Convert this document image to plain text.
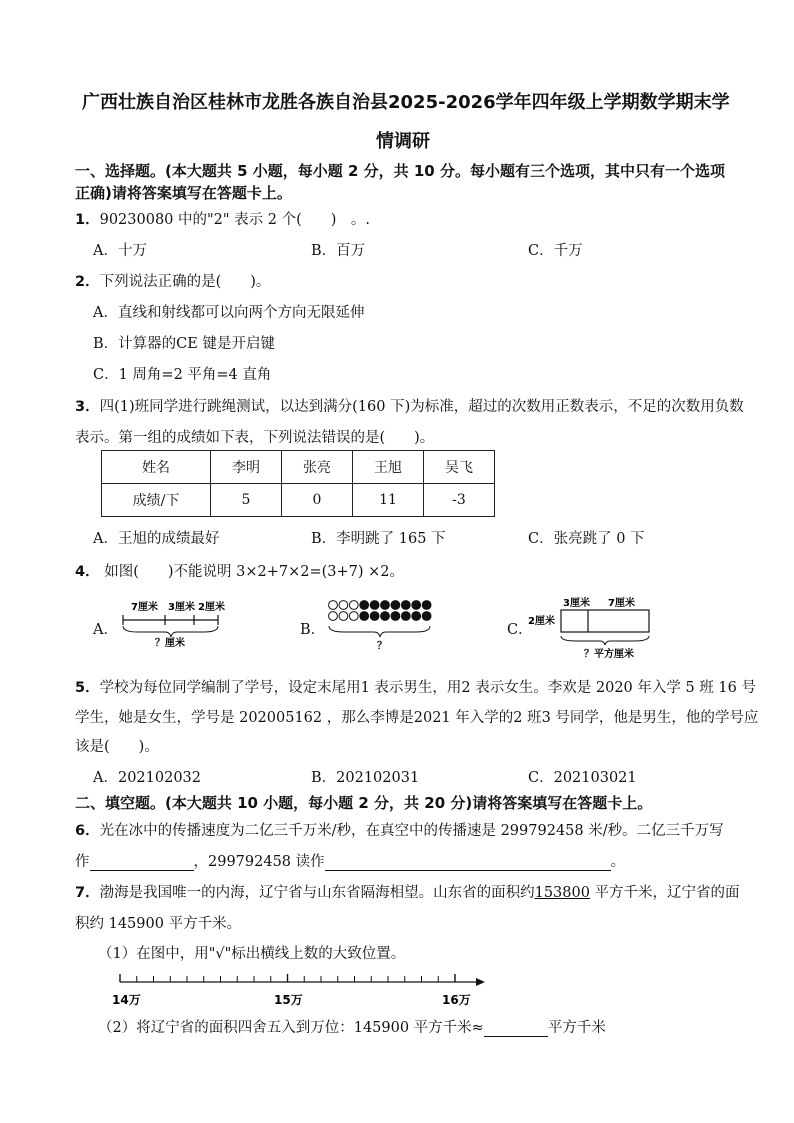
广西壮族自治区桂林市龙胜各族自治县2025-2026学年四年级上学期数学期末学
情调研
一、选择题。(本大题共 5 小题，每小题 2 分，共 10 分。每小题有三个选项，其中只有一个选项
正确)请将答案填写在答题卡上。
1．90230080 中的"2" 表示 2 个(　　)　。.
A．十万	B．百万	C．千万
2．下列说法正确的是(　　)。
A．直线和射线都可以向两个方向无限延伸
B．计算器的CE 键是开启键
C．1 周角=2 平角=4 直角
3．四(1)班同学进行跳绳测试，以达到满分(160 下)为标准，超过的次数用正数表示，不足的次数用负数
表示。第一组的成绩如下表，下列说法错误的是(　　)。
姓名	李明	张亮	王旭	吴飞
成绩/下	5	0	11	-3
A．王旭的成绩最好	B．李明跳了 165 下	C．张亮跳了 0 下
4． 如图(　　)不能说明 3×2+7×2=(3+7) ×2。
A．
7厘米 3厘米 2厘米
？厘米
B．
？
C．
3厘米 7厘米
2厘米
？平方厘米
5．学校为每位同学编制了学号，设定末尾用1 表示男生，用2 表示女生。李欢是 2020 年入学 5 班 16 号
学生，她是女生，学号是 202005162 ，那么李博是2021 年入学的2 班3 号同学，他是男生，他的学号应
该是(　　)。
A．202102032	B．202102031	C．202103021
二、填空题。(本大题共 10 小题，每小题 2 分，共 20 分)请将答案填写在答题卡上。
6．光在冰中的传播速度为二亿三千万米/秒，在真空中的传播速是 299792458 米/秒。二亿三千万写
作	，299792458 读作	。
7．渤海是我国唯一的内海，辽宁省与山东省隔海相望。山东省的面积约153800 平方千米，辽宁省的面
积约 145900 平方千米。
（1）在图中，用"√"标出横线上数的大致位置。
14万	15万	16万
（2）将辽宁省的面积四舍五入到万位：145900 平方千米≈	平方千米
